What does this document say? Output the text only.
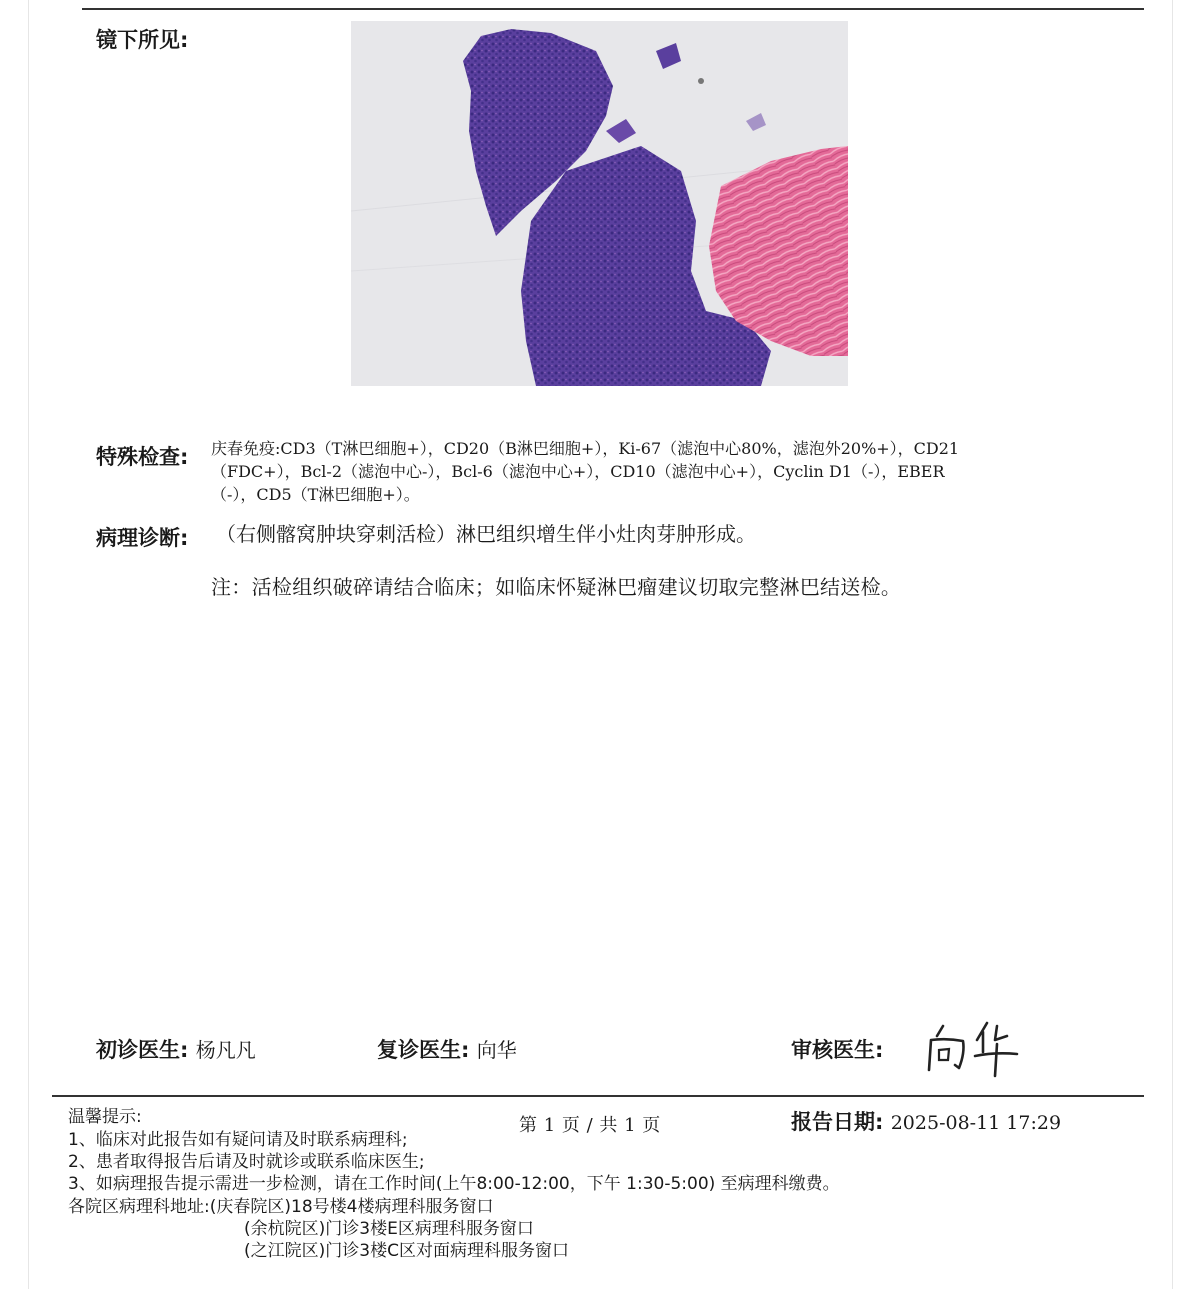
镜下所见:
特殊检查: 庆春免疫:CD3（T淋巴细胞+），CD20（B淋巴细胞+），Ki-67（滤泡中心80%，滤泡外20%+），CD21
（FDC+），Bcl-2（滤泡中心-），Bcl-6（滤泡中心+），CD10（滤泡中心+），Cyclin D1（-），EBER
（-），CD5（T淋巴细胞+）。
病理诊断: （右侧髂窝肿块穿刺活检）淋巴组织增生伴小灶肉芽肿形成。
注：活检组织破碎请结合临床；如临床怀疑淋巴瘤建议切取完整淋巴结送检。
初诊医生: 杨凡凡	复诊医生: 向华	审核医生:
温馨提示:	第 1 页 / 共 1 页	报告日期: 2025-08-11 17:29
1、临床对此报告如有疑问请及时联系病理科;
2、患者取得报告后请及时就诊或联系临床医生;
3、如病理报告提示需进一步检测，请在工作时间(上午8:00-12:00，下午 1:30-5:00) 至病理科缴费。
各院区病理科地址:(庆春院区)18号楼4楼病理科服务窗口
(余杭院区)门诊3楼E区病理科服务窗口
(之江院区)门诊3楼C区对面病理科服务窗口
